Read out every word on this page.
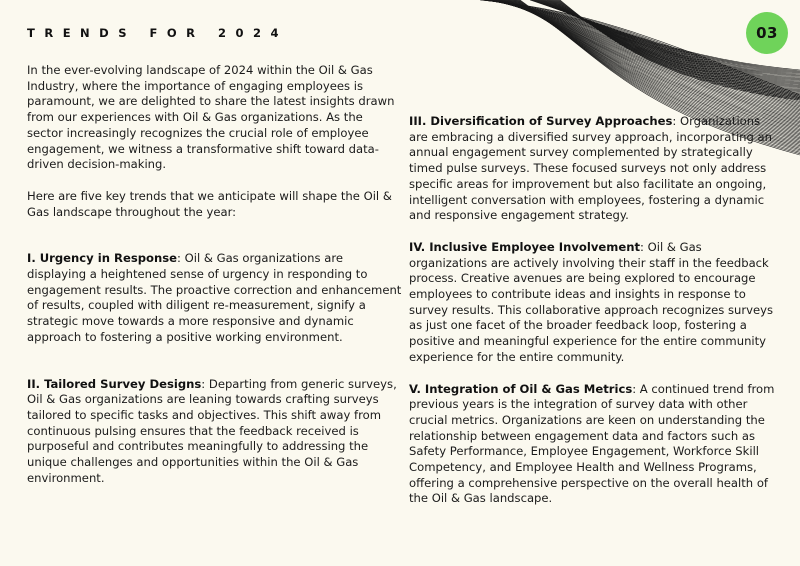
03
TRENDS FOR 2024

In the ever-evolving landscape of 2024 within the Oil & Gas Industry, where the importance of engaging employees is paramount, we are delighted to share the latest insights drawn from our experiences with Oil & Gas organizations. As the sector increasingly recognizes the crucial role of employee engagement, we witness a transformative shift toward data-driven decision-making.

Here are five key trends that we anticipate will shape the Oil & Gas landscape throughout the year:

I. Urgency in Response: Oil & Gas organizations are displaying a heightened sense of urgency in responding to engagement results. The proactive correction and enhancement of results, coupled with diligent re-measurement, signify a strategic move towards a more responsive and dynamic approach to fostering a positive working environment.

II. Tailored Survey Designs: Departing from generic surveys, Oil & Gas organizations are leaning towards crafting surveys tailored to specific tasks and objectives. This shift away from continuous pulsing ensures that the feedback received is purposeful and contributes meaningfully to addressing the unique challenges and opportunities within the Oil & Gas environment.

III. Diversification of Survey Approaches: Organizations are embracing a diversified survey approach, incorporating an annual engagement survey complemented by strategically timed pulse surveys. These focused surveys not only address specific areas for improvement but also facilitate an ongoing, intelligent conversation with employees, fostering a dynamic and responsive engagement strategy.

IV. Inclusive Employee Involvement: Oil & Gas organizations are actively involving their staff in the feedback process. Creative avenues are being explored to encourage employees to contribute ideas and insights in response to survey results. This collaborative approach recognizes surveys as just one facet of the broader feedback loop, fostering a positive and meaningful experience for the entire community experience for the entire community.

V. Integration of Oil & Gas Metrics: A continued trend from previous years is the integration of survey data with other crucial metrics. Organizations are keen on understanding the relationship between engagement data and factors such as Safety Performance, Employee Engagement, Workforce Skill Competency, and Employee Health and Wellness Programs, offering a comprehensive perspective on the overall health of the Oil & Gas landscape.
